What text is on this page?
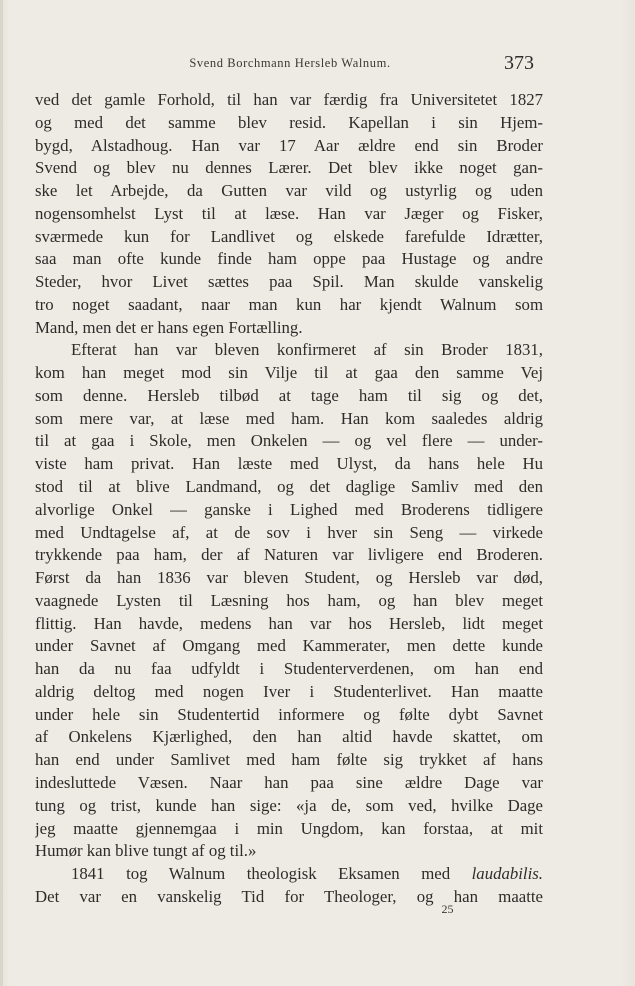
Svend Borchmann Hersleb Walnum.	373
ved det gamle Forhold, til han var færdig fra Universitetet 1827
og med det samme blev resid. Kapellan i sin Hjem-
bygd, Alstadhoug. Han var 17 Aar ældre end sin Broder
Svend og blev nu dennes Lærer. Det blev ikke noget gan-
ske let Arbejde, da Gutten var vild og ustyrlig og uden
nogensomhelst Lyst til at læse. Han var Jæger og Fisker,
sværmede kun for Landlivet og elskede farefulde Idrætter,
saa man ofte kunde finde ham oppe paa Hustage og andre
Steder, hvor Livet sættes paa Spil. Man skulde vanskelig
tro noget saadant, naar man kun har kjendt Walnum som
Mand, men det er hans egen Fortælling.
Efterat han var bleven konfirmeret af sin Broder 1831,
kom han meget mod sin Vilje til at gaa den samme Vej
som denne. Hersleb tilbød at tage ham til sig og det,
som mere var, at læse med ham. Han kom saaledes aldrig
til at gaa i Skole, men Onkelen — og vel flere — under-
viste ham privat. Han læste med Ulyst, da hans hele Hu
stod til at blive Landmand, og det daglige Samliv med den
alvorlige Onkel — ganske i Lighed med Broderens tidligere
med Undtagelse af, at de sov i hver sin Seng — virkede
trykkende paa ham, der af Naturen var livligere end Broderen.
Først da han 1836 var bleven Student, og Hersleb var død,
vaagnede Lysten til Læsning hos ham, og han blev meget
flittig. Han havde, medens han var hos Hersleb, lidt meget
under Savnet af Omgang med Kammerater, men dette kunde
han da nu faa udfyldt i Studenterverdenen, om han end
aldrig deltog med nogen Iver i Studenterlivet. Han maatte
under hele sin Studentertid informere og følte dybt Savnet
af Onkelens Kjærlighed, den han altid havde skattet, om
han end under Samlivet med ham følte sig trykket af hans
indesluttede Væsen. Naar han paa sine ældre Dage var
tung og trist, kunde han sige: «ja de, som ved, hvilke Dage
jeg maatte gjennemgaa i min Ungdom, kan forstaa, at mit
Humør kan blive tungt af og til.»
1841 tog Walnum theologisk Eksamen med laudabilis.
Det var en vanskelig Tid for Theologer, og han maatte
25
